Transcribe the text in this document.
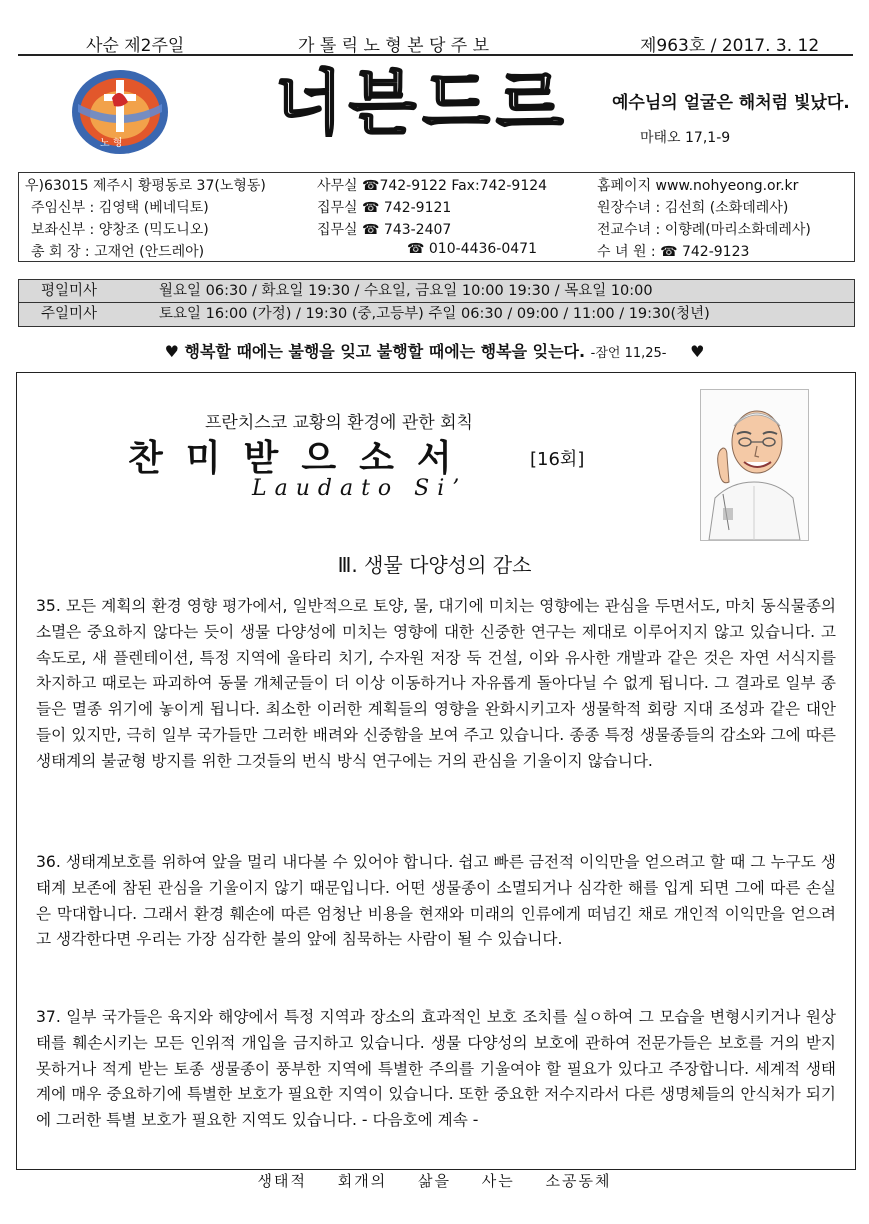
사순 제2주일	가 톨 릭 노 형 본 당 주 보	제963호 / 2017. 3. 12
노 형 너븐드르	예수님의 얼굴은 해처럼 빛났다.마태오 17,1-9
우)63015 제주시 황평동로 37(노형동)	사무실 ☎742-9122 Fax:742-9124	홈페이지 www.nohyeong.or.kr
주임신부 : 김영택 (베네딕토)	집무실 ☎ 742-9121	원장수녀 : 김선희 (소화데레사)
보좌신부 : 양창조 (믹도니오)	집무실 ☎ 743-2407	전교수녀 : 이향례(마리소화데레사)
총 회 장 : 고재언 (안드레아)	☎ 010-4436-0471	수 녀 원 : ☎ 742-9123
평일미사	월요일 06:30 / 화요일 19:30 / 수요일, 금요일 10:00 19:30 / 목요일 10:00
주일미사	토요일 16:00 (가정) / 19:30 (중,고등부) 주일 06:30 / 09:00 / 11:00 / 19:30(청년)
♥ 행복할 때에는 불행을 잊고 불행할 때에는 행복을 잊는다. -잠언 11,25- ♥
프란치스코 교황의 환경에 관한 회칙
찬미받으소서	[16회]
Laudato Si’
Ⅲ. 생물 다양성의 감소
35. 모든 계획의 환경 영향 평가에서, 일반적으로 토양, 물, 대기에 미치는 영향에는 관심을 두면서도, 마치 동식물종의 소멸은 중요하지 않다는 듯이 생물 다양성에 미치는 영향에 대한 신중한 연구는 제대로 이루어지지 않고 있습니다. 고속도로, 새 플렌테이션, 특정 지역에 울타리 치기, 수자원 저장 둑 건설, 이와 유사한 개발과 같은 것은 자연 서식지를 차지하고 때로는 파괴하여 동물 개체군들이 더 이상 이동하거나 자유롭게 돌아다닐 수 없게 됩니다. 그 결과로 일부 종들은 멸종 위기에 놓이게 됩니다. 최소한 이러한 계획들의 영향을 완화시키고자 생물학적 회랑 지대 조성과 같은 대안들이 있지만, 극히 일부 국가들만 그러한 배려와 신중함을 보여 주고 있습니다. 종종 특정 생물종들의 감소와 그에 따른 생태계의 불균형 방지를 위한 그것들의 번식 방식 연구에는 거의 관심을 기울이지 않습니다.
36. 생태계보호를 위하여 앞을 멀리 내다볼 수 있어야 합니다. 쉽고 빠른 금전적 이익만을 얻으려고 할 때 그 누구도 생태계 보존에 참된 관심을 기울이지 않기 때문입니다. 어떤 생물종이 소멸되거나 심각한 해를 입게 되면 그에 따른 손실은 막대합니다. 그래서 환경 훼손에 따른 엄청난 비용을 현재와 미래의 인류에게 떠넘긴 채로 개인적 이익만을 얻으려고 생각한다면 우리는 가장 심각한 불의 앞에 침묵하는 사람이 될 수 있습니다.
37. 일부 국가들은 육지와 해양에서 특정 지역과 장소의 효과적인 보호 조치를 실ㅇ하여 그 모습을 변형시키거나 원상태를 훼손시키는 모든 인위적 개입을 금지하고 있습니다. 생물 다양성의 보호에 관하여 전문가들은 보호를 거의 받지 못하거나 적게 받는 토종 생물종이 풍부한 지역에 특별한 주의를 기울여야 할 필요가 있다고 주장합니다. 세계적 생태계에 매우 중요하기에 특별한 보호가 필요한 지역이 있습니다. 또한 중요한 저수지라서 다른 생명체들의 안식처가 되기에 그러한 특별 보호가 필요한 지역도 있습니다. - 다음호에 계속 -
생태적 회개의 삶을 사는 소공동체
